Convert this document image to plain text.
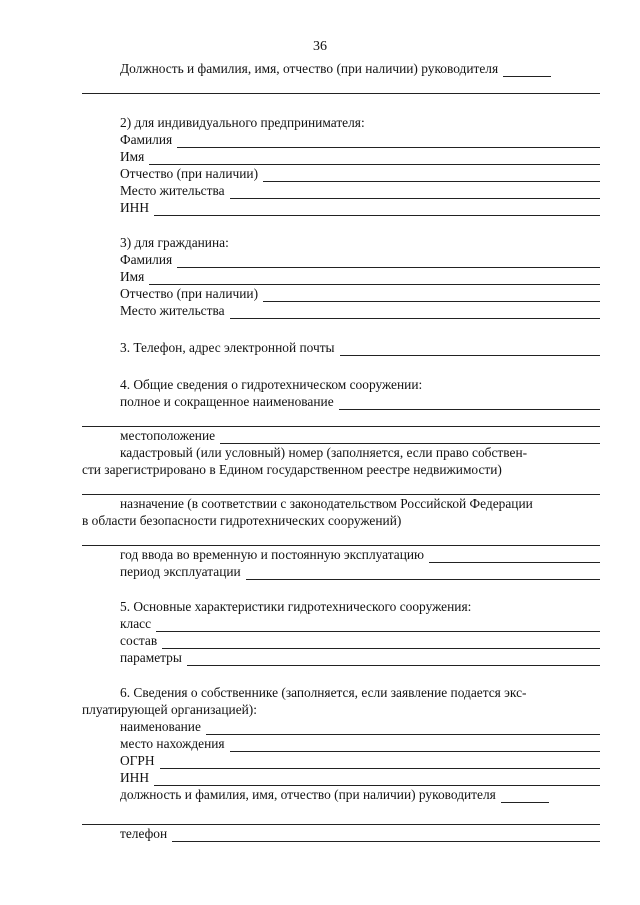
36
Должность и фамилия, имя, отчество (при наличии) руководителя
2) для индивидуального предпринимателя:
Фамилия
Имя
Отчество (при наличии)
Место жительства
ИНН
3) для гражданина:
Фамилия
Имя
Отчество (при наличии)
Место жительства
3. Телефон, адрес электронной почты
4. Общие сведения о гидротехническом сооружении:
полное и сокращенное наименование
местоположение
кадастровый (или условный) номер (заполняется, если право собствен-
сти зарегистрировано в Едином государственном реестре недвижимости)
назначение (в соответствии с законодательством Российской Федерации
в области безопасности гидротехнических сооружений)
год ввода во временную и постоянную эксплуатацию
период эксплуатации
5. Основные характеристики гидротехнического сооружения:
класс
состав
параметры
6. Сведения о собственнике (заполняется, если заявление подается экс-
плуатирующей организацией):
наименование
место нахождения
ОГРН
ИНН
должность и фамилия, имя, отчество (при наличии) руководителя
телефон
